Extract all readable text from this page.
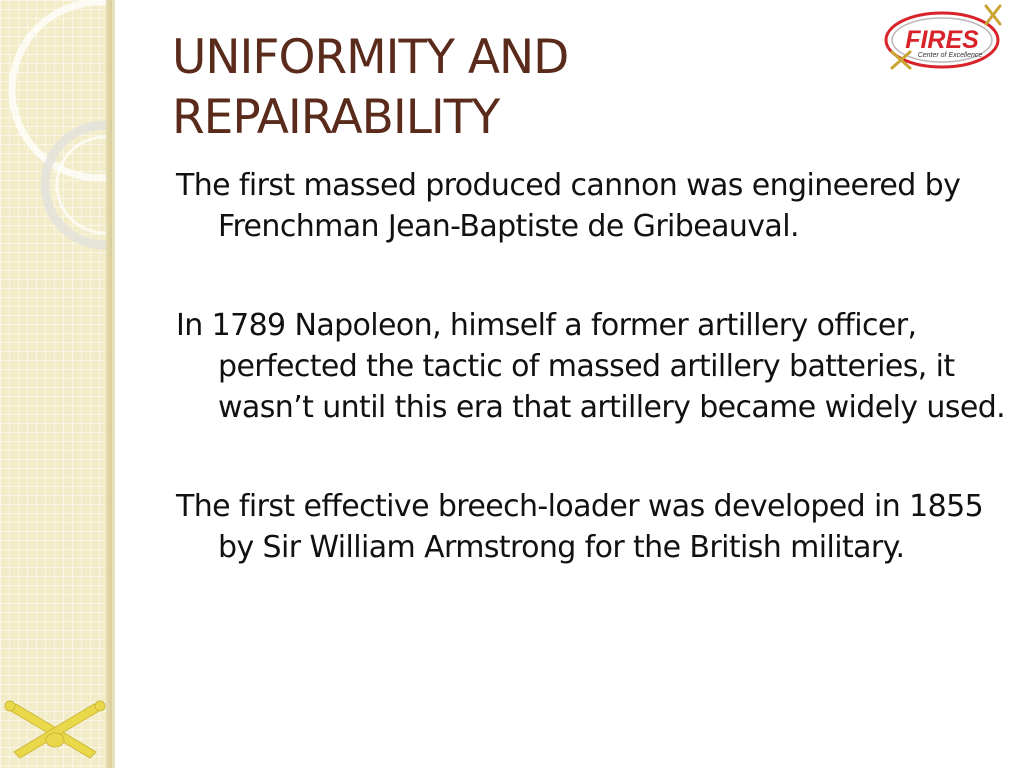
UNIFORMITY AND REPAIRABILITY
FIRES
Center of Excellence
The first massed produced cannon was engineered by Frenchman Jean-Baptiste de Gribeauval.
In 1789 Napoleon, himself a former artillery officer, perfected the tactic of massed artillery batteries, it wasn’t until this era that artillery became widely used.
The first effective breech-loader was developed in 1855 by Sir William Armstrong for the British military.
